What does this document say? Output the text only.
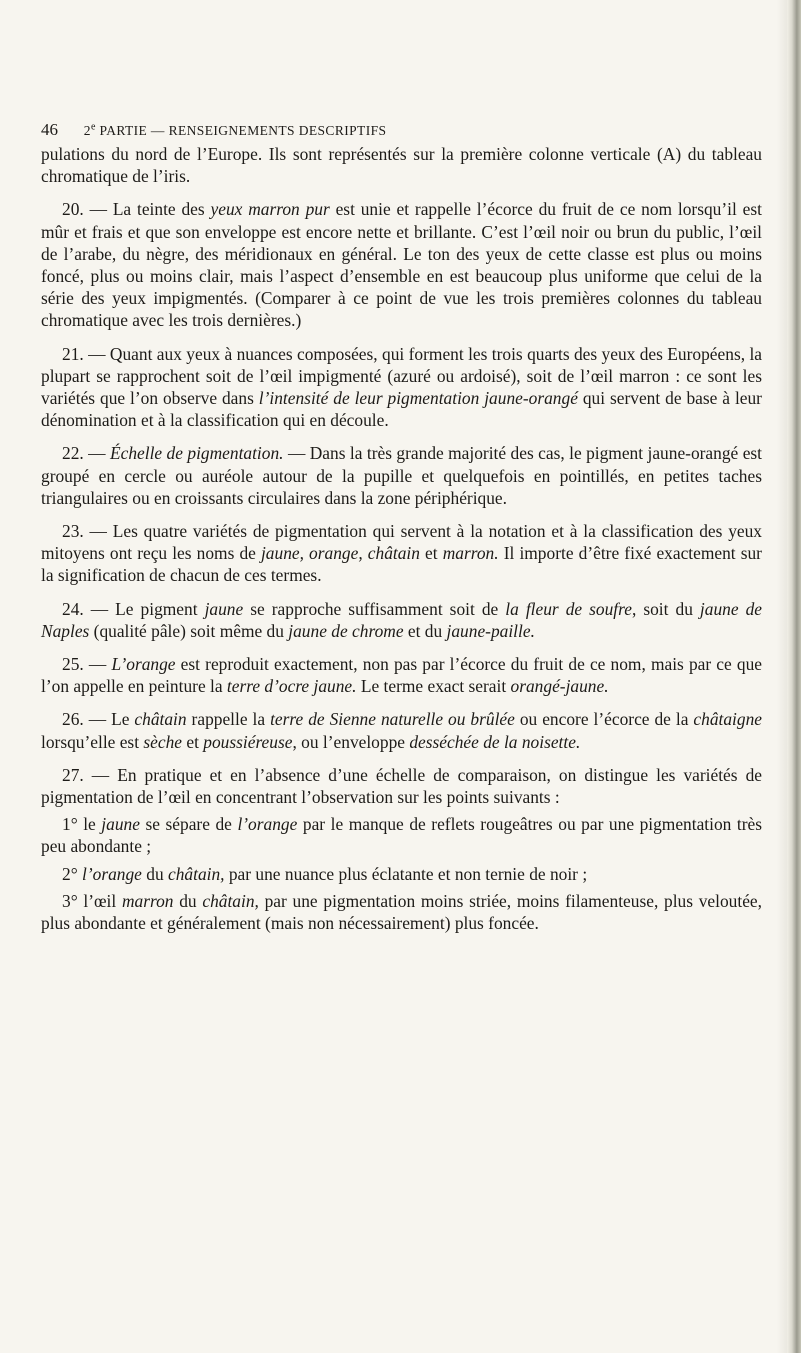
46 2e PARTIE — RENSEIGNEMENTS DESCRIPTIFS

pulations du nord de l’Europe. Ils sont représentés sur la première colonne verticale (A) du tableau chromatique de l’iris.

20. — La teinte des yeux marron pur est unie et rappelle l’écorce du fruit de ce nom lorsqu’il est mûr et frais et que son enveloppe est encore nette et brillante. C’est l’œil noir ou brun du public, l’œil de l’arabe, du nègre, des méridionaux en général. Le ton des yeux de cette classe est plus ou moins foncé, plus ou moins clair, mais l’aspect d’ensemble en est beaucoup plus uniforme que celui de la série des yeux impigmentés. (Comparer à ce point de vue les trois premières colonnes du tableau chromatique avec les trois dernières.)

21. — Quant aux yeux à nuances composées, qui forment les trois quarts des yeux des Européens, la plupart se rapprochent soit de l’œil impigmenté (azuré ou ardoisé), soit de l’œil marron : ce sont les variétés que l’on observe dans l’intensité de leur pigmentation jaune-orangé qui servent de base à leur dénomination et à la classification qui en découle.

22. — Échelle de pigmentation. — Dans la très grande majorité des cas, le pigment jaune-orangé est groupé en cercle ou auréole autour de la pupille et quelquefois en pointillés, en petites taches triangulaires ou en croissants circulaires dans la zone périphérique.

23. — Les quatre variétés de pigmentation qui servent à la notation et à la classification des yeux mitoyens ont reçu les noms de jaune, orange, châtain et marron. Il importe d’être fixé exactement sur la signification de chacun de ces termes.

24. — Le pigment jaune se rapproche suffisamment soit de la fleur de soufre, soit du jaune de Naples (qualité pâle) soit même du jaune de chrome et du jaune-paille.

25. — L’orange est reproduit exactement, non pas par l’écorce du fruit de ce nom, mais par ce que l’on appelle en peinture la terre d’ocre jaune. Le terme exact serait orangé-jaune.

26. — Le châtain rappelle la terre de Sienne naturelle ou brûlée ou encore l’écorce de la châtaigne lorsqu’elle est sèche et poussiéreuse, ou l’enveloppe desséchée de la noisette.

27. — En pratique et en l’absence d’une échelle de comparaison, on distingue les variétés de pigmentation de l’œil en concentrant l’observation sur les points suivants :

1° le jaune se sépare de l’orange par le manque de reflets rougeâtres ou par une pigmentation très peu abondante ;

2° l’orange du châtain, par une nuance plus éclatante et non ternie de noir ;

3° l’œil marron du châtain, par une pigmentation moins striée, moins filamenteuse, plus veloutée, plus abondante et généralement (mais non nécessairement) plus foncée.
